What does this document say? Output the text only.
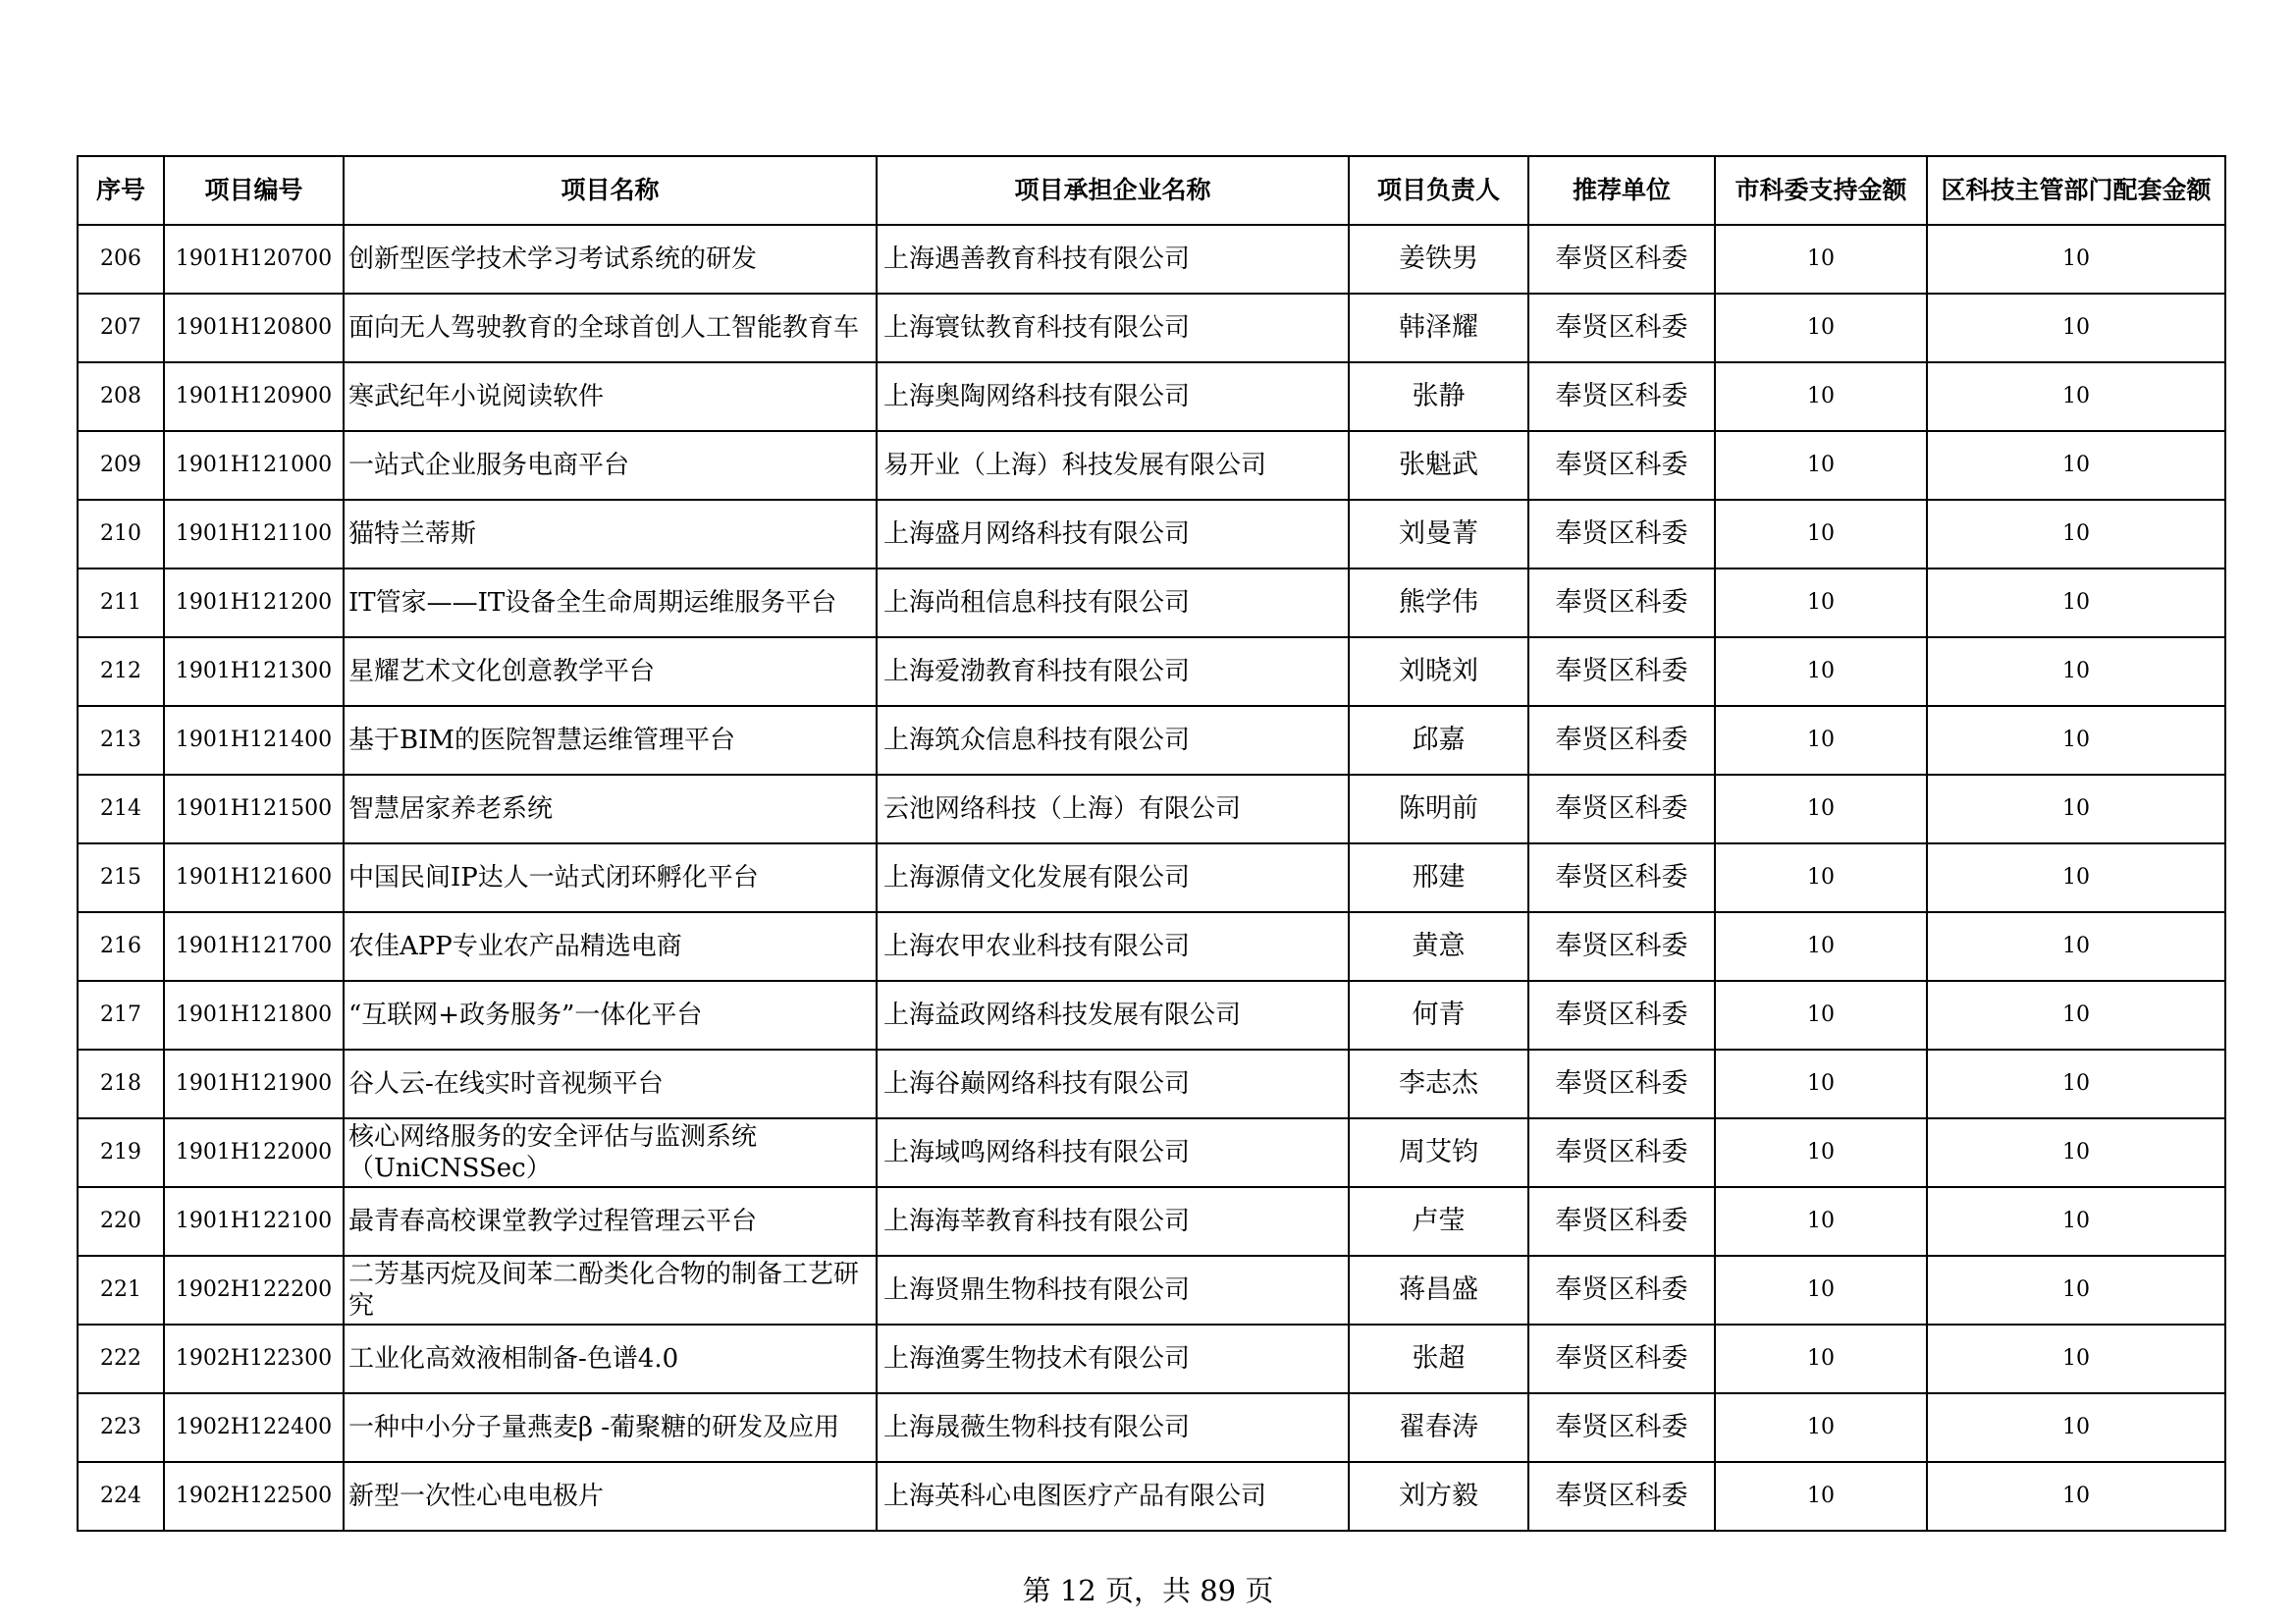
序号	项目编号	项目名称	项目承担企业名称	项目负责人	推荐单位	市科委支持金额	区科技主管部门配套金额
206	1901H120700	创新型医学技术学习考试系统的研发	上海遇善教育科技有限公司	姜铁男	奉贤区科委	10	10
207	1901H120800	面向无人驾驶教育的全球首创人工智能教育车	上海寰钛教育科技有限公司	韩泽耀	奉贤区科委	10	10
208	1901H120900	寒武纪年小说阅读软件	上海奥陶网络科技有限公司	张静	奉贤区科委	10	10
209	1901H121000	一站式企业服务电商平台	易开业（上海）科技发展有限公司	张魁武	奉贤区科委	10	10
210	1901H121100	猫特兰蒂斯	上海盛月网络科技有限公司	刘曼菁	奉贤区科委	10	10
211	1901H121200	IT管家——IT设备全生命周期运维服务平台	上海尚租信息科技有限公司	熊学伟	奉贤区科委	10	10
212	1901H121300	星耀艺术文化创意教学平台	上海爱渤教育科技有限公司	刘晓刘	奉贤区科委	10	10
213	1901H121400	基于BIM的医院智慧运维管理平台	上海筑众信息科技有限公司	邱嘉	奉贤区科委	10	10
214	1901H121500	智慧居家养老系统	云池网络科技（上海）有限公司	陈明前	奉贤区科委	10	10
215	1901H121600	中国民间IP达人一站式闭环孵化平台	上海源倩文化发展有限公司	邢建	奉贤区科委	10	10
216	1901H121700	农佳APP专业农产品精选电商	上海农甲农业科技有限公司	黄意	奉贤区科委	10	10
217	1901H121800	“互联网+政务服务”一体化平台	上海益政网络科技发展有限公司	何青	奉贤区科委	10	10
218	1901H121900	谷人云-在线实时音视频平台	上海谷巅网络科技有限公司	李志杰	奉贤区科委	10	10
219	1901H122000	核心网络服务的安全评估与监测系统（UniCNSSec）	上海域鸣网络科技有限公司	周艾钧	奉贤区科委	10	10
220	1901H122100	最青春高校课堂教学过程管理云平台	上海海莘教育科技有限公司	卢莹	奉贤区科委	10	10
221	1902H122200	二芳基丙烷及间苯二酚类化合物的制备工艺研究	上海贤鼎生物科技有限公司	蒋昌盛	奉贤区科委	10	10
222	1902H122300	工业化高效液相制备-色谱4.0	上海渔雾生物技术有限公司	张超	奉贤区科委	10	10
223	1902H122400	一种中小分子量燕麦β -葡聚糖的研发及应用	上海晟薇生物科技有限公司	翟春涛	奉贤区科委	10	10
224	1902H122500	新型一次性心电电极片	上海英科心电图医疗产品有限公司	刘方毅	奉贤区科委	10	10
第 12 页，共 89 页
